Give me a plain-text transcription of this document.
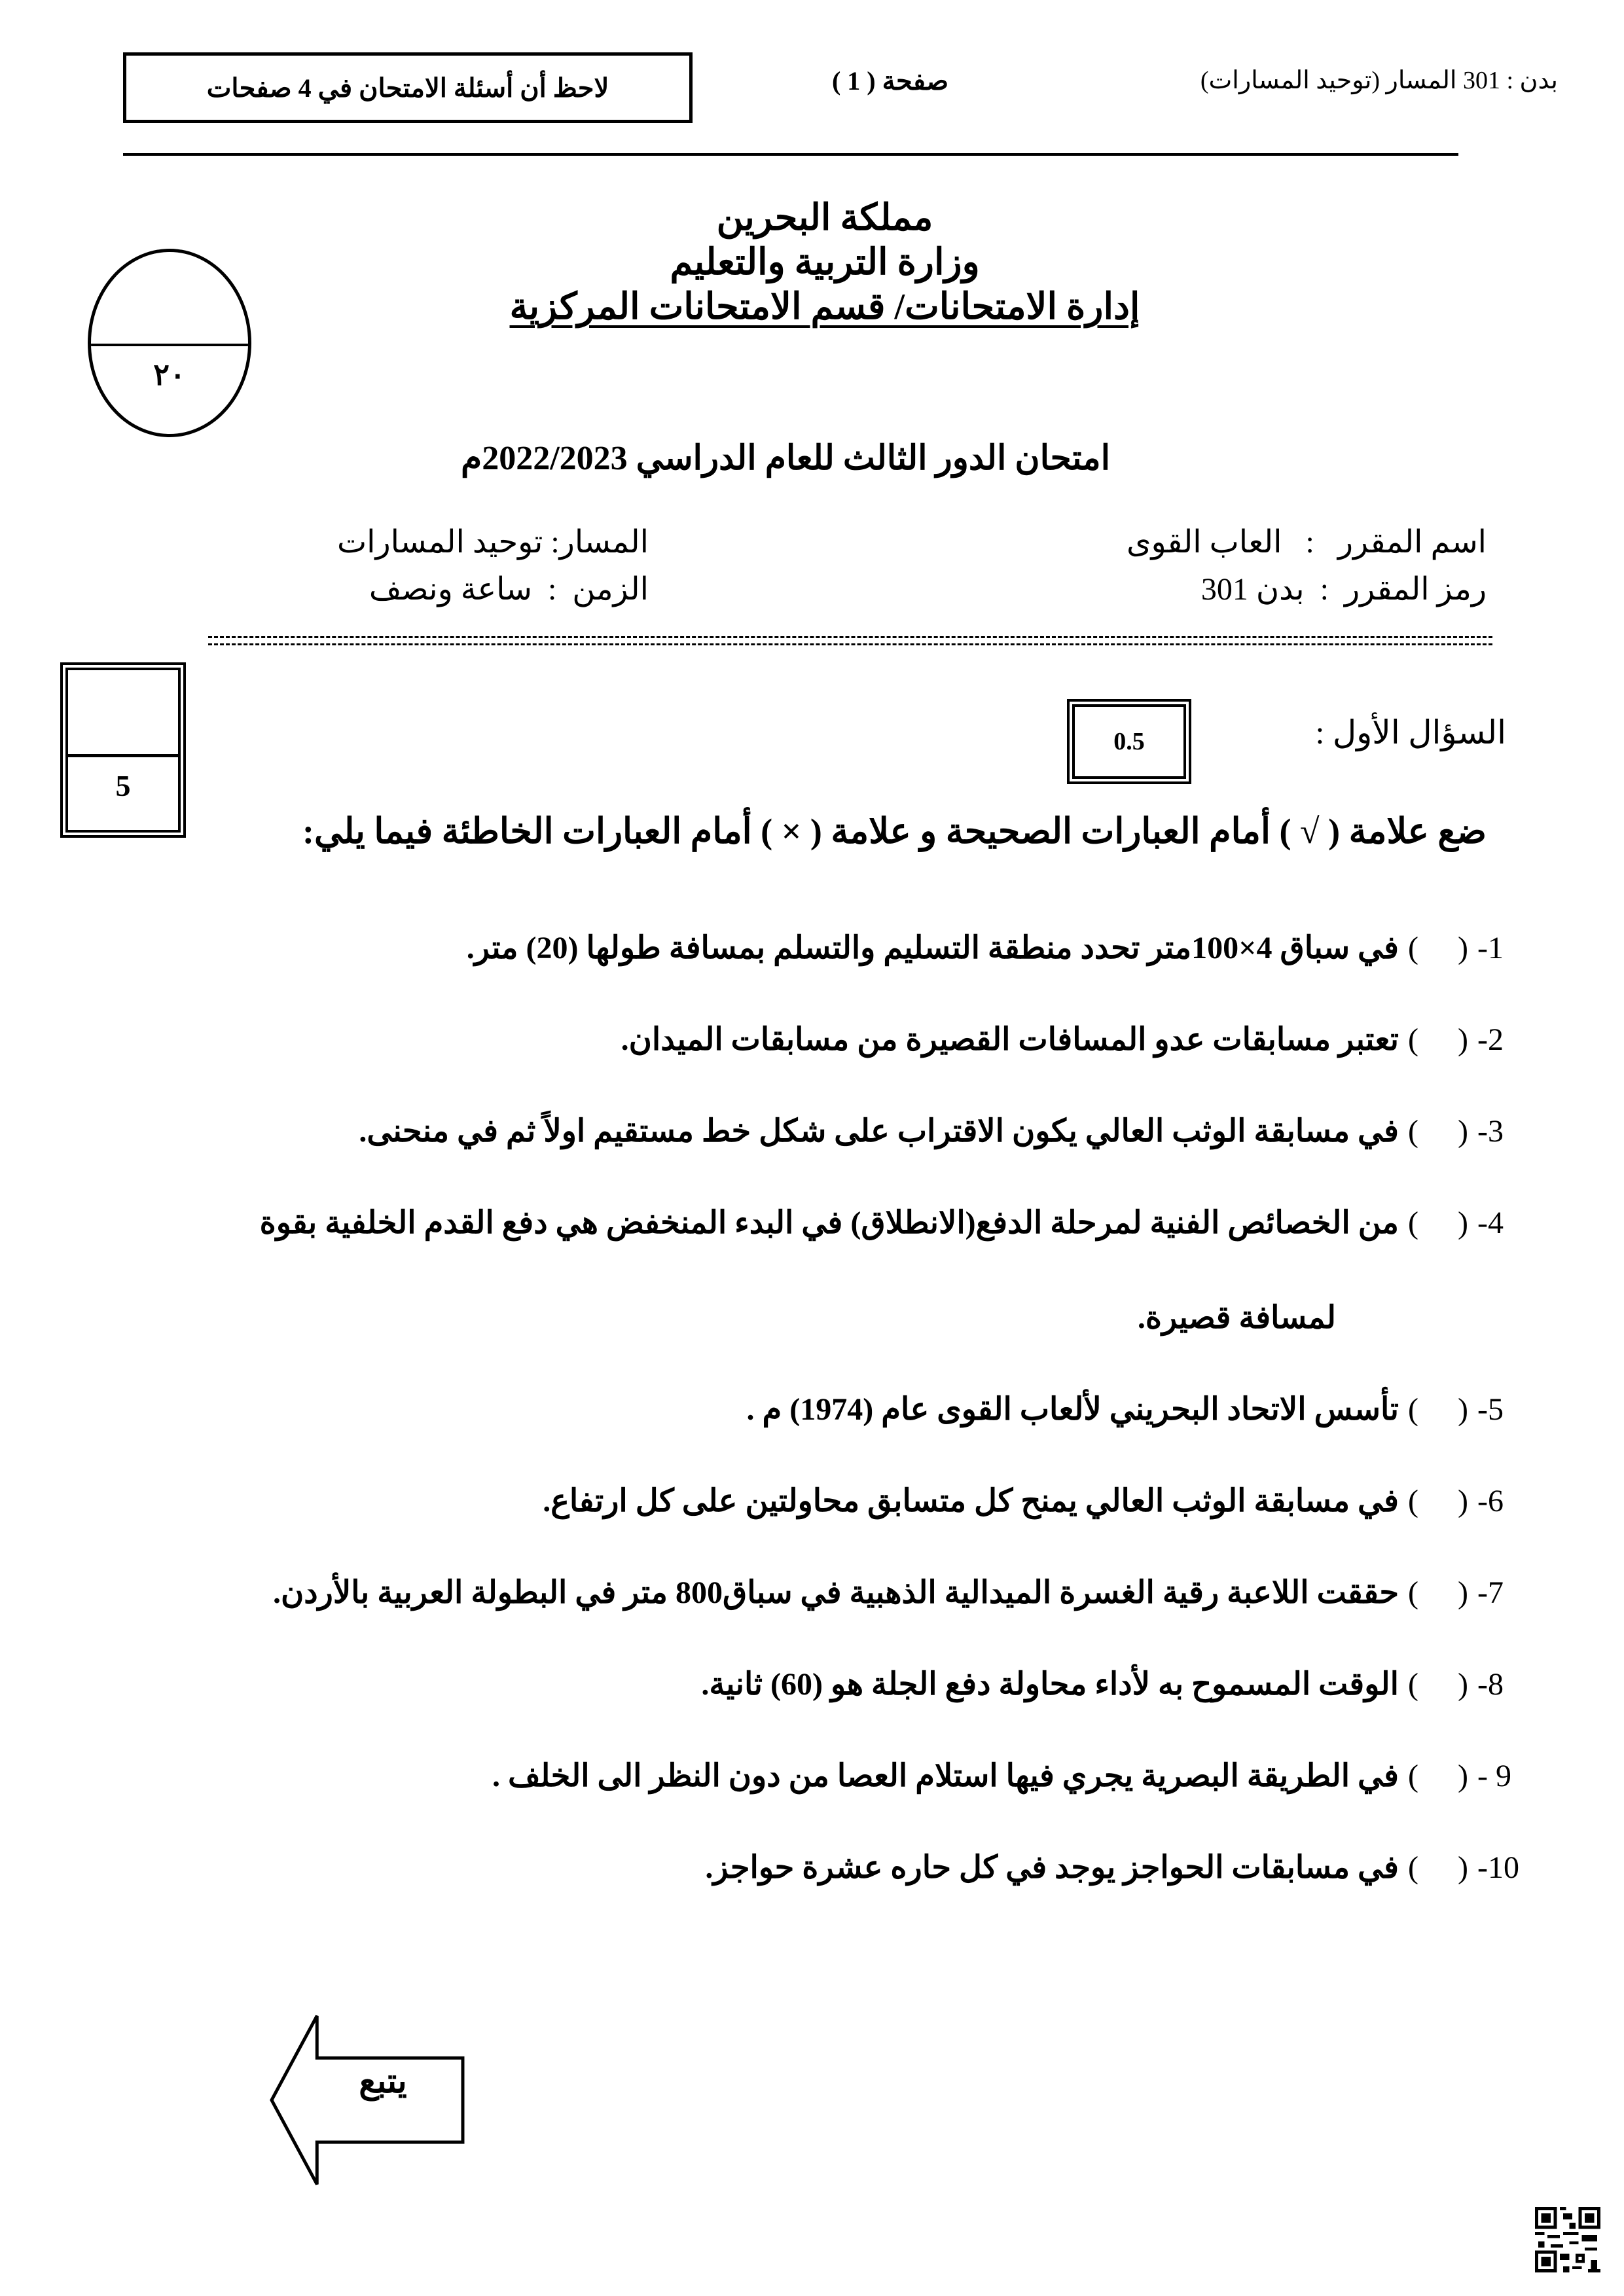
لاحظ أن أسئلة الامتحان في 4 صفحات	صفحة ( 1 )	بدن : 301 المسار (توحيد المسارات)
مملكة البحرين
وزارة التربية والتعليم
إدارة الامتحانات/ قسم الامتحانات المركزية
٢٠
امتحان الدور الثالث للعام الدراسي 2022/2023م
اسم المقرر   :   العاب القوى
المسار: توحيد المسارات
رمز المقرر  :  بدن 301
الزمن  :  ساعة ونصف
5
السؤال الأول :
0.5
ضع علامة ( √ ) أمام العبارات الصحيحة و علامة ( × ) أمام العبارات الخاطئة فيما يلي:
1-
(     )
في سباق 4×100متر تحدد منطقة التسليم والتسلم بمسافة طولها (20) متر.
2-
(     )
تعتبر مسابقات عدو المسافات القصيرة من مسابقات الميدان.
3-
(     )
في مسابقة الوثب العالي يكون الاقتراب على شكل خط مستقيم اولاً ثم في منحنى.
4-
(     )
من الخصائص الفنية لمرحلة الدفع(الانطلاق) في البدء المنخفض هي دفع القدم الخلفية بقوة
لمسافة قصيرة.
5-
(     )
تأسس الاتحاد البحريني لألعاب القوى عام (1974) م .
6-
(     )
في مسابقة الوثب العالي يمنح كل متسابق محاولتين على كل ارتفاع.
7-
(     )
حققت اللاعبة رقية الغسرة الميدالية الذهبية في سباق800 متر في البطولة العربية بالأردن.
8-
(     )
الوقت المسموح به لأداء محاولة دفع الجلة هو (60) ثانية.
9 -
(     )
في الطريقة البصرية يجري فيها استلام العصا من دون النظر الى الخلف .
10-
(     )
في مسابقات الحواجز يوجد في كل حاره عشرة حواجز.
يتبع
